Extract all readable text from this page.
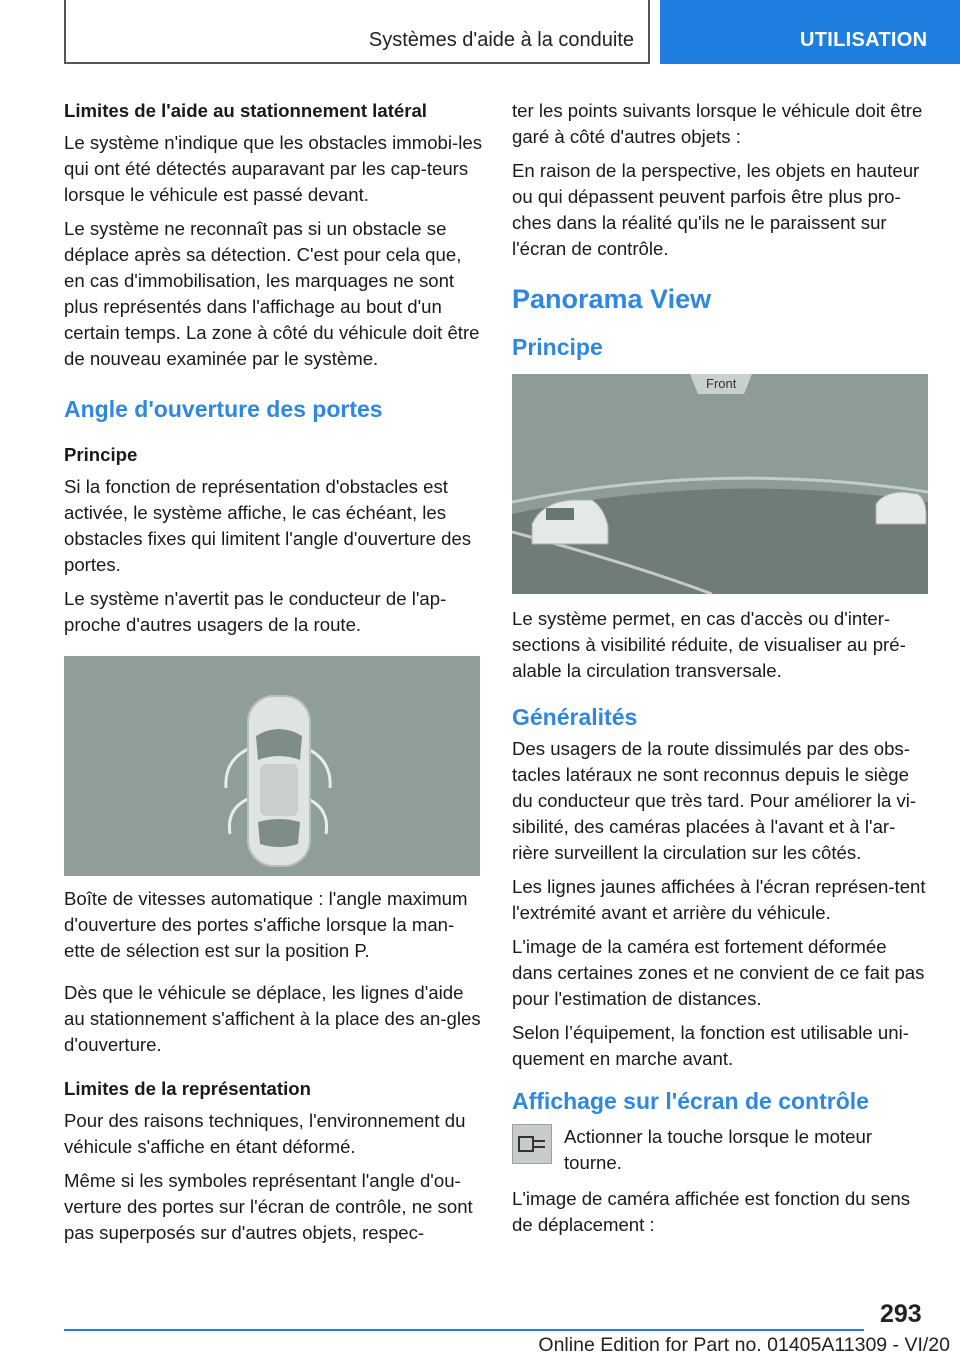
Systèmes d'aide à la conduite	UTILISATION
Limites de l'aide au stationnement latéral

Le système n'indique que les obstacles immobi-les qui ont été détectés auparavant par les cap-teurs lorsque le véhicule est passé devant.

Le système ne reconnaît pas si un obstacle se déplace après sa détection. C'est pour cela que, en cas d'immobilisation, les marquages ne sont plus représentés dans l'affichage au bout d'un certain temps. La zone à côté du véhicule doit être de nouveau examinée par le système.

Angle d'ouverture des portes
Principe

Si la fonction de représentation d'obstacles est activée, le système affiche, le cas échéant, les obstacles fixes qui limitent l'angle d'ouverture des portes.

Le système n'avertit pas le conducteur de l'ap-proche d'autres usagers de la route.

Boîte de vitesses automatique : l'angle maximum d'ouverture des portes s'affiche lorsque la man-ette de sélection est sur la position P.

Dès que le véhicule se déplace, les lignes d'aide au stationnement s'affichent à la place des an-gles d'ouverture.

Limites de la représentation

Pour des raisons techniques, l'environnement du véhicule s'affiche en étant déformé.

Même si les symboles représentant l'angle d'ou-verture des portes sur l'écran de contrôle, ne sont pas superposés sur d'autres objets, respec-

ter les points suivants lorsque le véhicule doit être garé à côté d'autres objets :

En raison de la perspective, les objets en hauteur ou qui dépassent peuvent parfois être plus pro-ches dans la réalité qu'ils ne le paraissent sur l'écran de contrôle.

Panorama View
Principe
Front

Le système permet, en cas d'accès ou d'inter-sections à visibilité réduite, de visualiser au pré-alable la circulation transversale.

Généralités

Des usagers de la route dissimulés par des obs-tacles latéraux ne sont reconnus depuis le siège du conducteur que très tard. Pour améliorer la vi-sibilité, des caméras placées à l'avant et à l'ar-rière surveillent la circulation sur les côtés.

Les lignes jaunes affichées à l'écran représen-tent l'extrémité avant et arrière du véhicule.

L'image de la caméra est fortement déformée dans certaines zones et ne convient de ce fait pas pour l'estimation de distances.

Selon l’équipement, la fonction est utilisable uni-quement en marche avant.

Affichage sur l'écran de contrôle

Actionner la touche lorsque le moteur tourne.

L'image de caméra affichée est fonction du sens de déplacement :

293
Online Edition for Part no. 01405A11309 - VI/20
